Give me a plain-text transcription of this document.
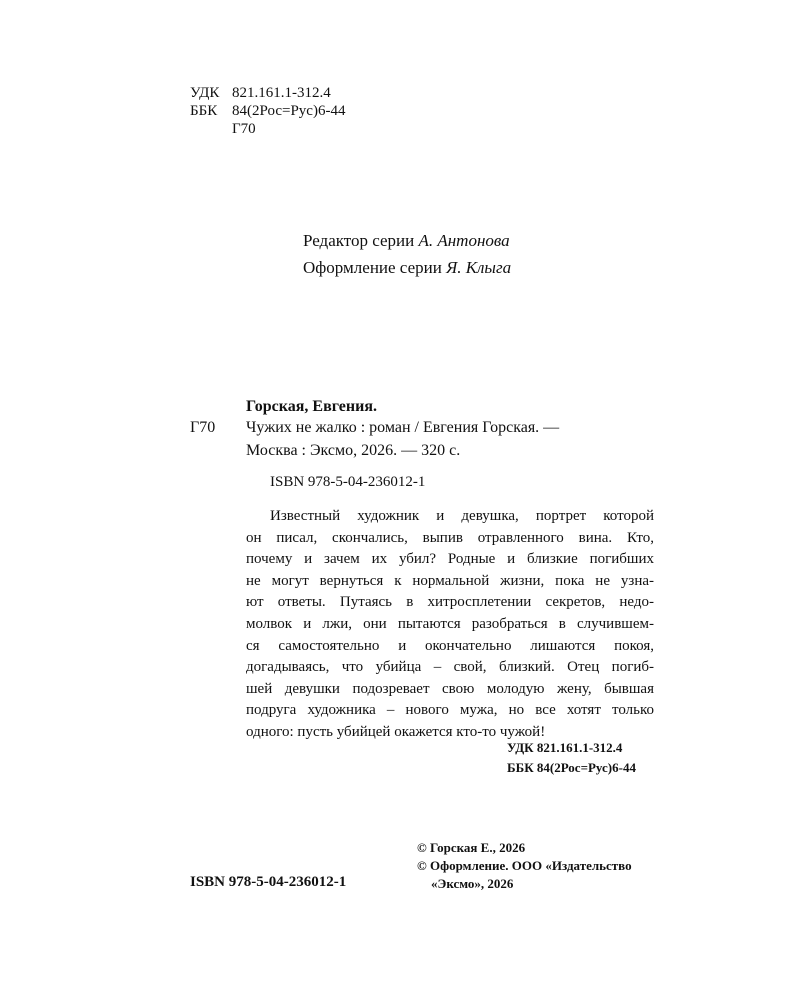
УДК 821.161.1-312.4
ББК 84(2Рос=Рус)6-44
Г70
Редактор серии А. Антонова
Оформление серии Я. Клыга
Горская, Евгения.
Г70 Чужих не жалко : роман / Евгения Горская. —
Москва : Эксмо, 2026. — 320 с.
ISBN 978-5-04-236012-1
Известный художник и девушка, портрет которой
он писал, скончались, выпив отравленного вина. Кто,
почему и зачем их убил? Родные и близкие погибших
не могут вернуться к нормальной жизни, пока не узна-
ют ответы. Путаясь в хитросплетении секретов, недо-
молвок и лжи, они пытаются разобраться в случившем-
ся самостоятельно и окончательно лишаются покоя,
догадываясь, что убийца – свой, близкий. Отец погиб-
шей девушки подозревает свою молодую жену, бывшая
подруга художника – нового мужа, но все хотят только
одного: пусть убийцей окажется кто-то чужой!
УДК 821.161.1-312.4
ББК 84(2Рос=Рус)6-44
© Горская Е., 2026
© Оформление. ООО «Издательство
«Эксмо», 2026
ISBN 978-5-04-236012-1
